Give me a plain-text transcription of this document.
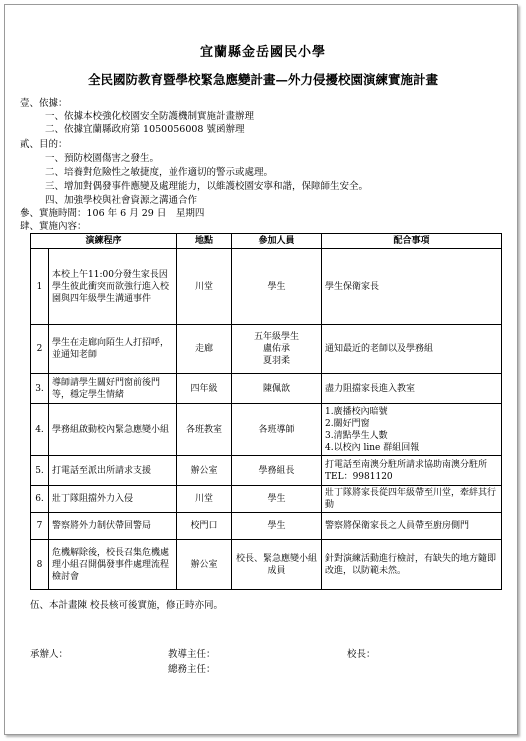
宜蘭縣金岳國民小學
全民國防教育暨學校緊急應變計畫—外力侵擾校園演練實施計畫
壹、依據：
一、依據本校強化校園安全防護機制實施計畫辦理
二、依據宜蘭縣政府第 1050056008 號函辦理
貳、目的：
一、預防校園傷害之發生。
二、培養對危險性之敏捷度，並作適切的警示或處理。
三、增加對偶發事件應變及處理能力，以維護校園安寧和諧，保障師生安全。
四、加強學校與社會資源之溝通合作
參、實施時間：106 年 6 月 29 日　星期四
肆、實施內容：
演練程序		地點	參加人員	配合事項
1	本校上午11:00分發生家長因學生彼此衝突而欲強行進入校園與四年級學生溝通事件	川堂	學生	學生保衛家長
2	學生在走廊向陌生人打招呼，並通知老師	走廊	五年級學生
盧佑承
夏羽柔	通知最近的老師以及學務組
3.	導師請學生關好門窗前後門等，穩定學生情緒	四年級	陳佩歆	盡力阻擋家長進入教室
4.	學務組啟動校內緊急應變小組	各班教室	各班導師	1.廣播校內暗號
2.關好門窗
3.清點學生人數
4.以校內 line 群組回報
5.	打電話至派出所請求支援	辦公室	學務組長	打電話至南澳分駐所請求協助南澳分駐所 TEL：9981120
6.	壯丁隊阻擋外力入侵	川堂	學生	壯丁隊將家長從四年級帶至川堂，牽絆其行動
7	警察將外力制伏帶回警局	校門口	學生	警察將保衛家長之人員帶至廚房側門
8	危機解除後，校長召集危機處理小組召開偶發事件處理流程檢討會	辦公室	校長、緊急應變小組成員	針對演練活動進行檢討，有缺失的地方隨即改進，以防範未然。
伍、本計畫陳 校長核可後實施，修正時亦同。
承辦人：	教導主任：	校長：
總務主任：
